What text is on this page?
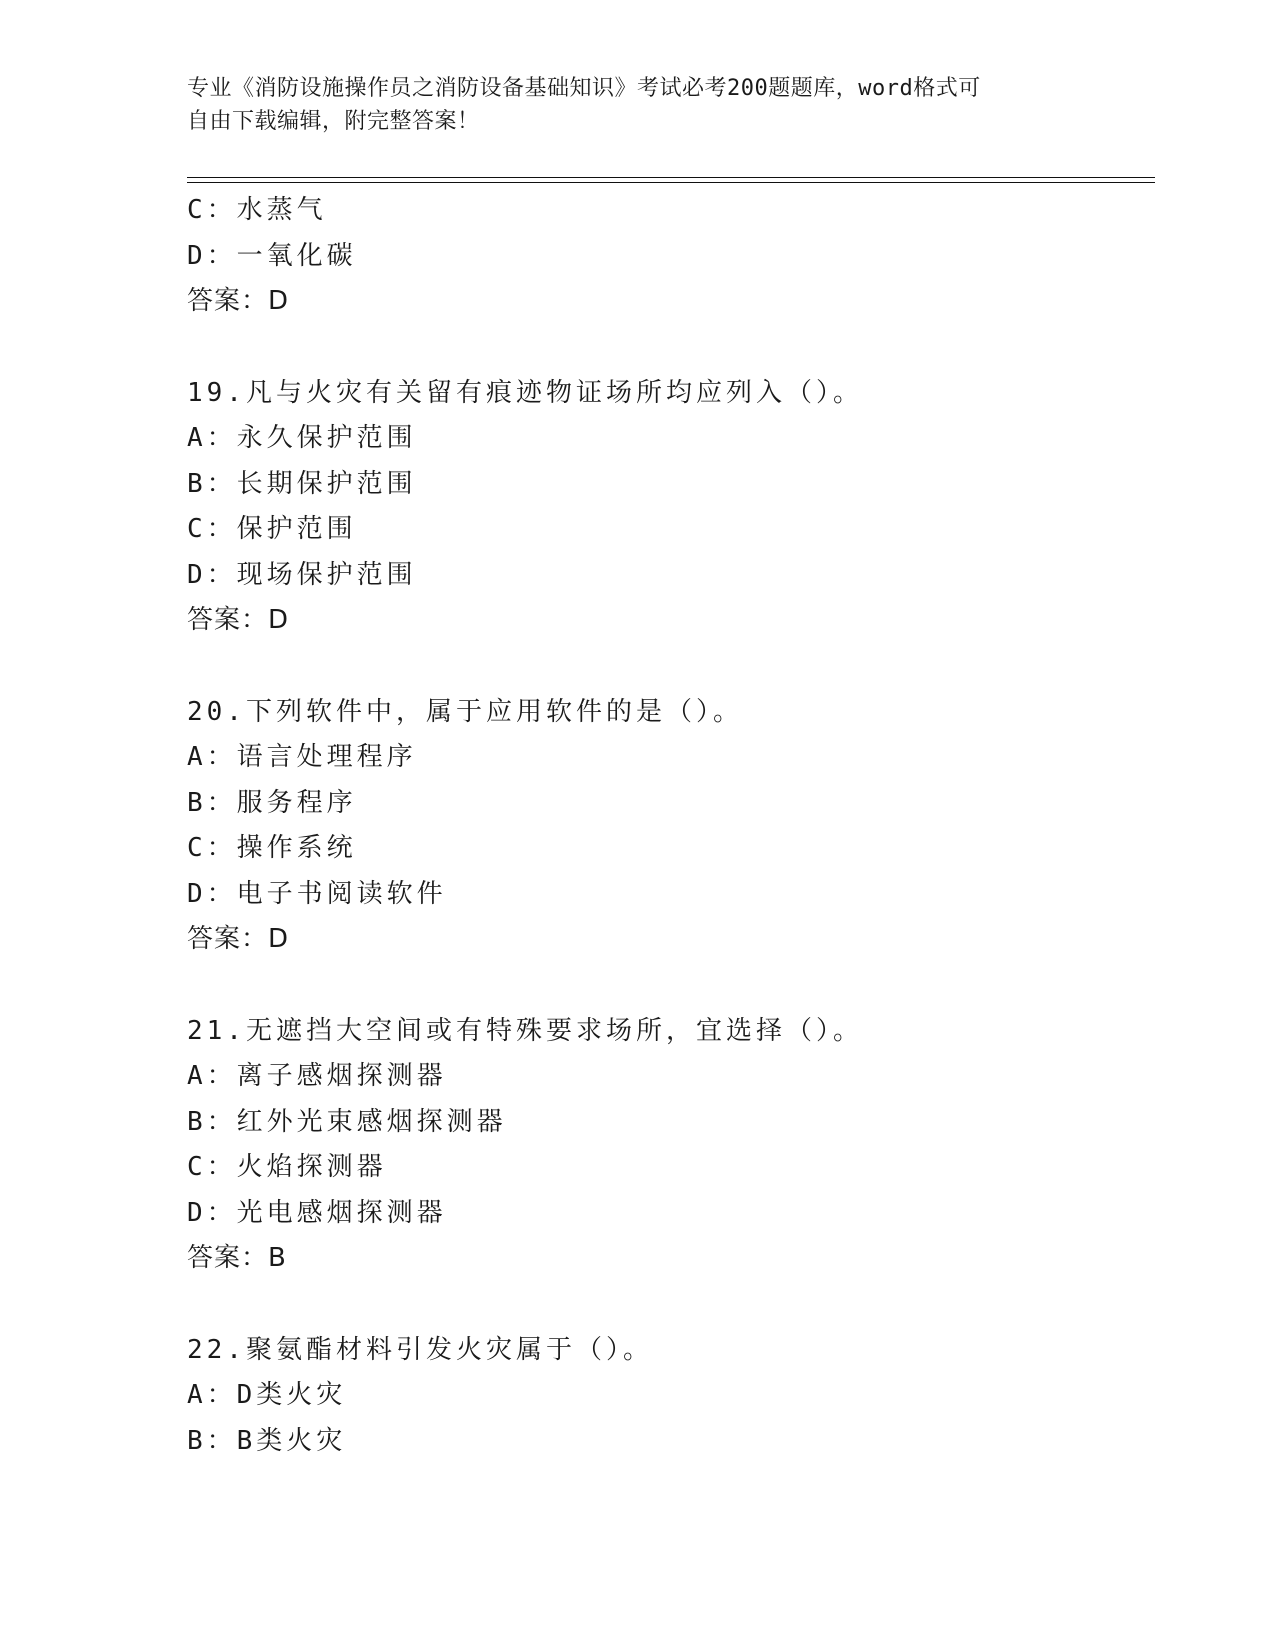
专业《消防设施操作员之消防设备基础知识》考试必考200题题库，word格式可
自由下载编辑，附完整答案！
C：水蒸气
D：一氧化碳
答案：D
19.凡与火灾有关留有痕迹物证场所均应列入（）。
A：永久保护范围
B：长期保护范围
C：保护范围
D：现场保护范围
答案：D
20.下列软件中，属于应用软件的是（）。
A：语言处理程序
B：服务程序
C：操作系统
D：电子书阅读软件
答案：D
21.无遮挡大空间或有特殊要求场所，宜选择（）。
A：离子感烟探测器
B：红外光束感烟探测器
C：火焰探测器
D：光电感烟探测器
答案：B
22.聚氨酯材料引发火灾属于（）。
A：D类火灾
B：B类火灾
